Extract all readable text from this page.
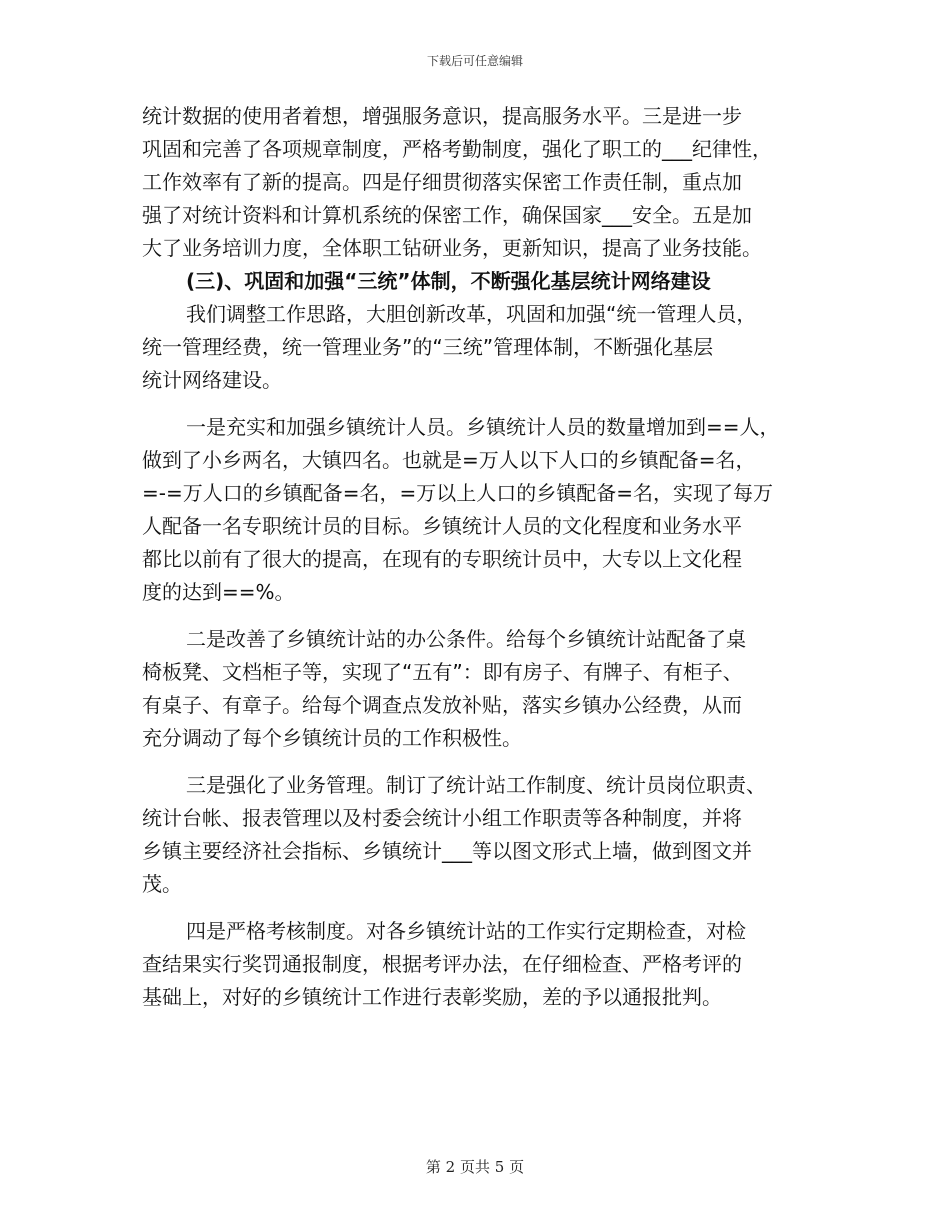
下载后可任意编辑
统计数据的使用者着想，增强服务意识，提高服务水平。三是进一步
巩固和完善了各项规章制度，严格考勤制度，强化了职工的___纪律性，
工作效率有了新的提高。四是仔细贯彻落实保密工作责任制，重点加
强了对统计资料和计算机系统的保密工作，确保国家___安全。五是加
大了业务培训力度，全体职工钻研业务，更新知识，提高了业务技能。
(三)、巩固和加强“三统”体制，不断强化基层统计网络建设
我们调整工作思路，大胆创新改革，巩固和加强“统一管理人员，
统一管理经费，统一管理业务”的“三统”管理体制，不断强化基层
统计网络建设。
一是充实和加强乡镇统计人员。乡镇统计人员的数量增加到==人，
做到了小乡两名，大镇四名。也就是=万人以下人口的乡镇配备=名，
=-=万人口的乡镇配备=名，=万以上人口的乡镇配备=名，实现了每万
人配备一名专职统计员的目标。乡镇统计人员的文化程度和业务水平
都比以前有了很大的提高，在现有的专职统计员中，大专以上文化程
度的达到==%。
二是改善了乡镇统计站的办公条件。给每个乡镇统计站配备了桌
椅板凳、文档柜子等，实现了“五有”：即有房子、有牌子、有柜子、
有桌子、有章子。给每个调查点发放补贴，落实乡镇办公经费，从而
充分调动了每个乡镇统计员的工作积极性。
三是强化了业务管理。制订了统计站工作制度、统计员岗位职责、
统计台帐、报表管理以及村委会统计小组工作职责等各种制度，并将
乡镇主要经济社会指标、乡镇统计___等以图文形式上墙，做到图文并
茂。
四是严格考核制度。对各乡镇统计站的工作实行定期检查，对检
查结果实行奖罚通报制度，根据考评办法，在仔细检查、严格考评的
基础上，对好的乡镇统计工作进行表彰奖励，差的予以通报批判。
第 2 页共 5 页
